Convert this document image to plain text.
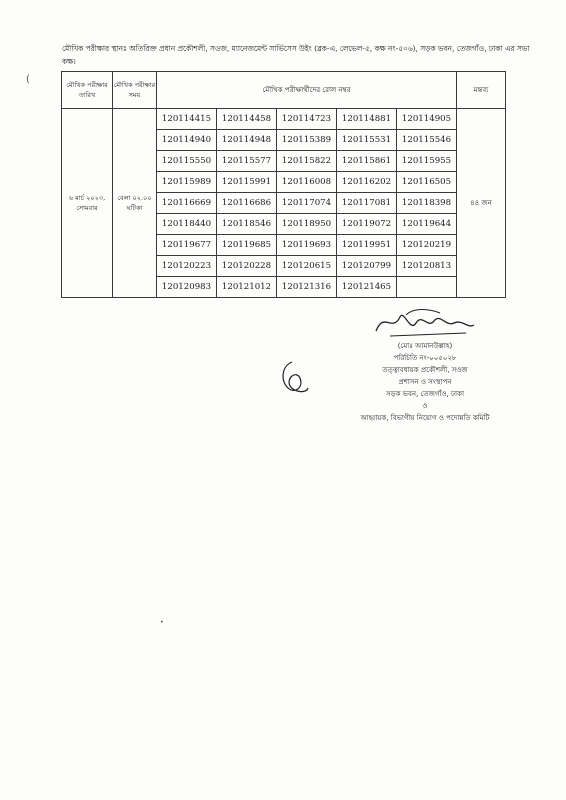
মৌখিক পরীক্ষার স্থানঃ অতিরিক্ত প্রধান প্রকৌশলী, সওজ, ম্যানেজমেন্ট সার্ভিসেস উইং (ব্লক-এ, লেভেল-৫, কক্ষ নং-৫০৬), সড়ক ভবন, তেজগাঁও, ঢাকা এর সভা কক্ষ।
(	মৌখিক পরীক্ষার তারিখ	মৌখিক পরীক্ষার সময়	মৌখিক পরীক্ষার্থীদের রোল নম্বর					মন্তব্য
৬ মার্চ ২০২৩, সোমবার	বেলা ০২.০০ ঘটিকা	120114415	120114458	120114723	120114881	120114905	৪৪ জন
		120114940	120114948	120115389	120115531	120115546	
		120115550	120115577	120115822	120115861	120115955	
		120115989	120115991	120116008	120116202	120116505	
		120116669	120116686	120117074	120117081	120118398	
		120118440	120118546	120118950	120119072	120119644	
		120119677	120119685	120119693	120119951	120120219	
		120120223	120120228	120120615	120120799	120120813	
		120120983	120121012	120121316	120121465		
(মোঃ আমানউল্লাহ)
পরিচিতি নং-০০৫০২৮
তত্ত্বাবধায়ক প্রকৌশলী, সওজ
প্রশাসন ও সংস্থাপন
সড়ক ভবন, তেজগাঁও, ঢাকা
ও
আহ্বায়ক, বিভাগীয় নিয়োগ ও পদোন্নতি কমিটি
•
